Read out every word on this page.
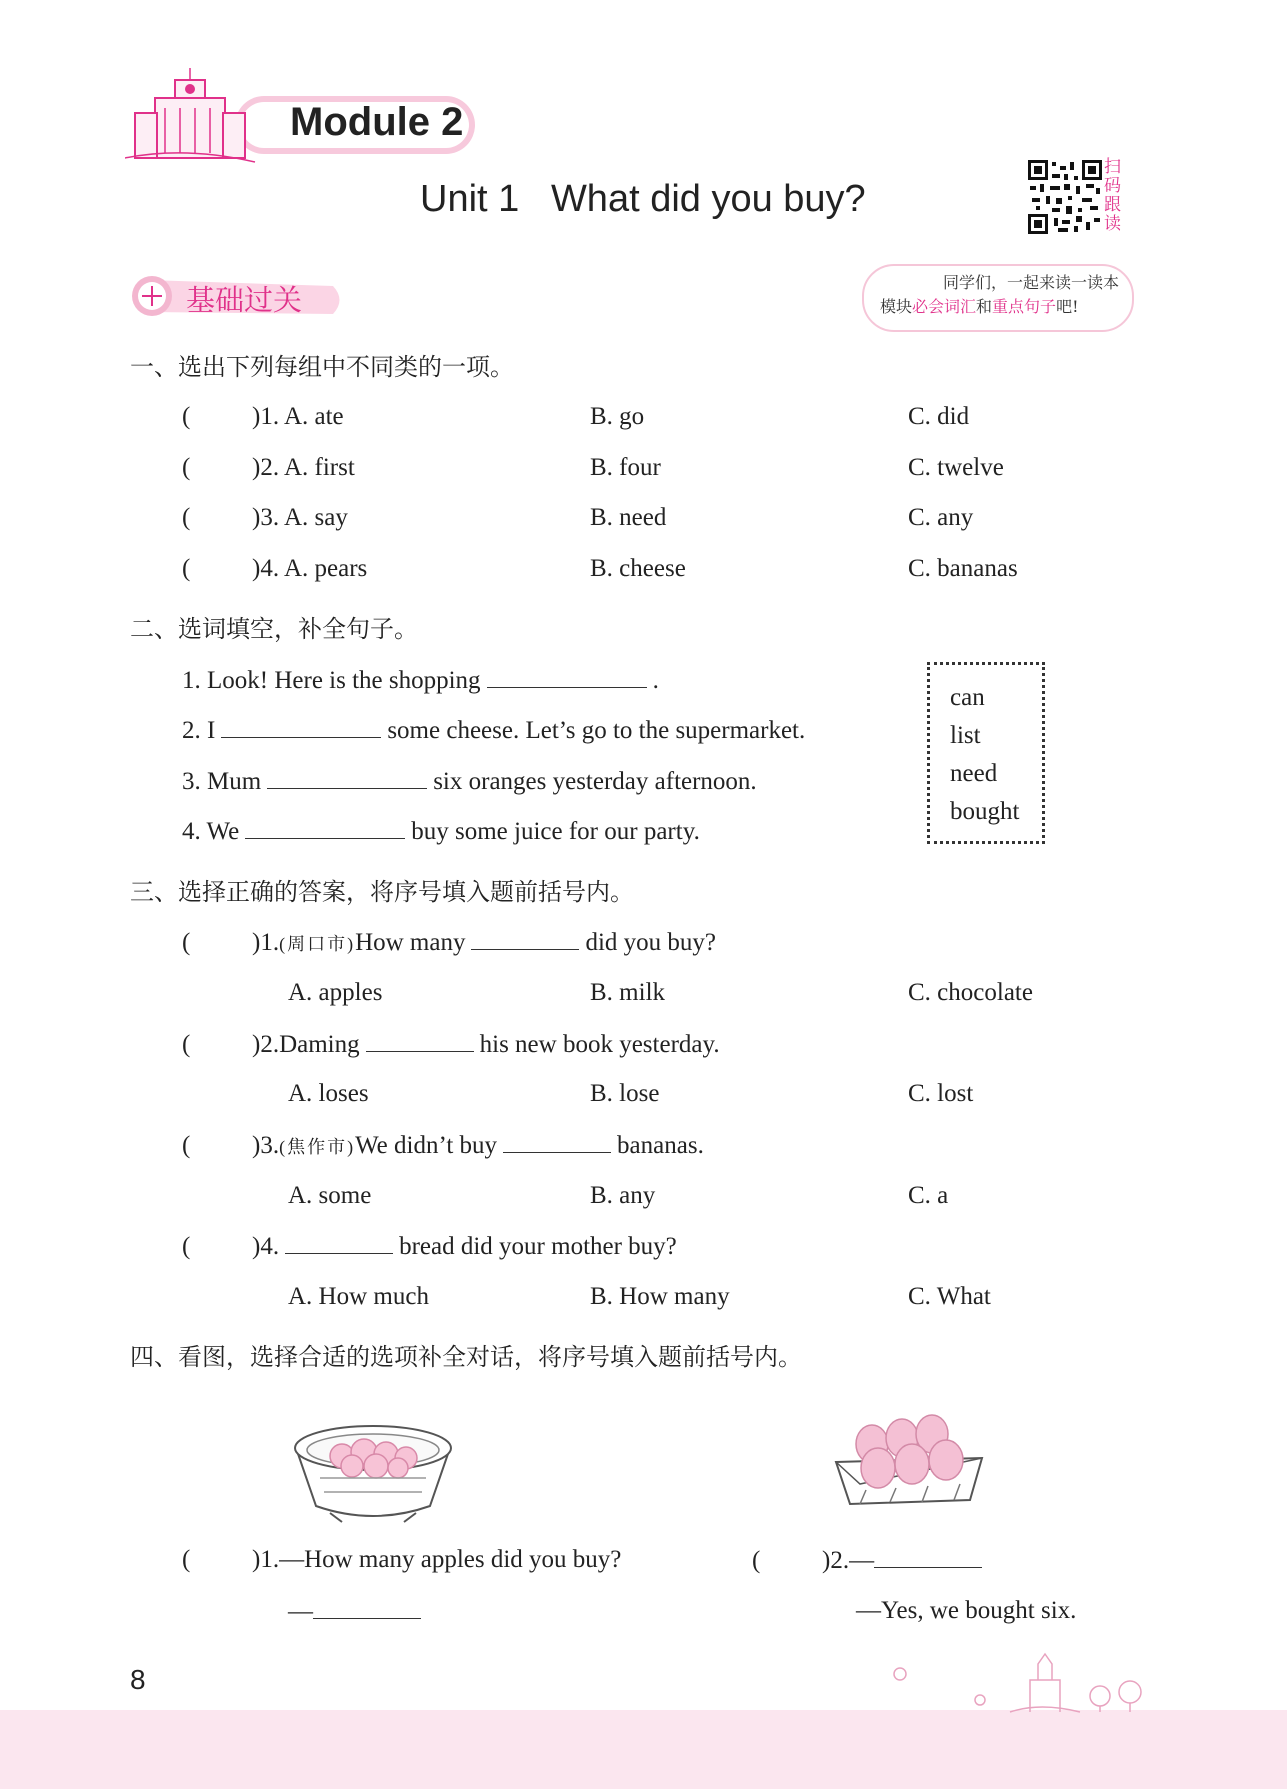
Module 2
Unit 1   What did you buy?
扫
码
跟
读
基础过关
同学们，一起来读一读本
模块必会词汇和重点句子吧!
一、选出下列每组中不同类的一项。
( )1. A. ate	B. go	C. did
( )2. A. first	B. four	C. twelve
( )3. A. say	B. need	C. any
( )4. A. pears	B. cheese	C. bananas
二、选词填空，补全句子。
1. Look! Here is the shopping	.
2. I	some cheese. Let’s go to the supermarket.
3. Mum	six oranges yesterday afternoon.
4. We	buy some juice for our party.
can
list
need
bought
三、选择正确的答案，将序号填入题前括号内。
( )1.(周口市)How many	did you buy?
A. apples	B. milk	C. chocolate
( )2.Daming	his new book yesterday.
A. loses	B. lose	C. lost
( )3.(焦作市)We didn’t buy	bananas.
A. some	B. any	C. a
( )4.	bread did your mother buy?
A. How much	B. How many	C. What
四、看图，选择合适的选项补全对话，将序号填入题前括号内。
( )1.—How many apples did you buy?
—
( )2.—
—Yes, we bought six.
8
